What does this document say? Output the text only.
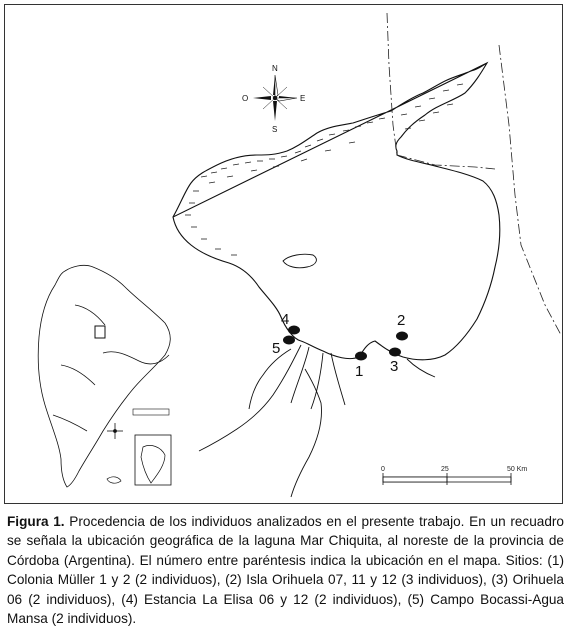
N
S
E
O
1
2
3
4
5
0	25	50 Km
Figura 1. Procedencia de los individuos analizados en el presente trabajo. En un recuadro se señala la ubicación geográfica de la laguna Mar Chiquita, al noreste de la provincia de Córdoba (Argentina). El número entre paréntesis indica la ubicación en el mapa. Sitios: (1) Colonia Müller 1 y 2 (2 individuos), (2) Isla Orihuela 07, 11 y 12 (3 individuos), (3) Orihuela 06 (2 individuos), (4) Estancia La Elisa 06 y 12 (2 individuos), (5) Campo Bocassi-Agua Mansa (2 individuos).
